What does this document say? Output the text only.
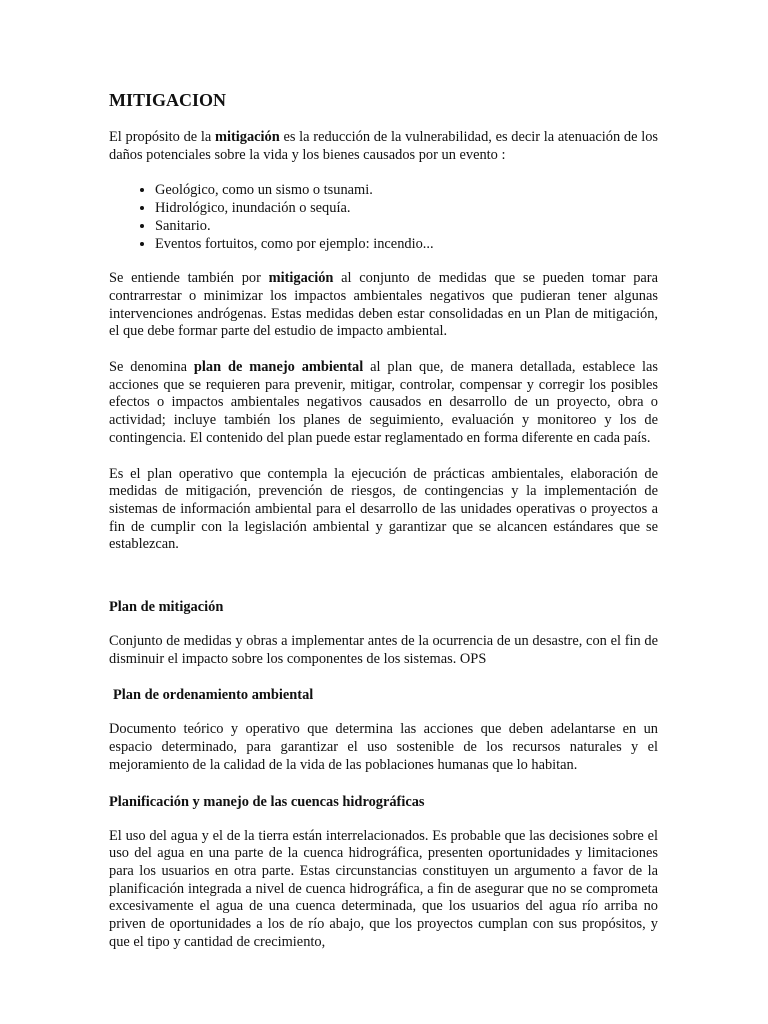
MITIGACION

El propósito de la mitigación es la reducción de la vulnerabilidad, es decir la atenuación de los daños potenciales sobre la vida y los bienes causados por un evento :

• Geológico, como un sismo o tsunami.
• Hidrológico, inundación o sequía.
• Sanitario.
• Eventos fortuitos, como por ejemplo: incendio...

Se entiende también por mitigación al conjunto de medidas que se pueden tomar para contrarrestar o minimizar los impactos ambientales negativos que pudieran tener algunas intervenciones andrógenas. Estas medidas deben estar consolidadas en un Plan de mitigación, el que debe formar parte del estudio de impacto ambiental.

Se denomina plan de manejo ambiental al plan que, de manera detallada, establece las acciones que se requieren para prevenir, mitigar, controlar, compensar y corregir los posibles efectos o impactos ambientales negativos causados en desarrollo de un proyecto, obra o actividad; incluye también los planes de seguimiento, evaluación y monitoreo y los de contingencia. El contenido del plan puede estar reglamentado en forma diferente en cada país.

Es el plan operativo que contempla la ejecución de prácticas ambientales, elaboración de medidas de mitigación, prevención de riesgos, de contingencias y la implementación de sistemas de información ambiental para el desarrollo de las unidades operativas o proyectos a fin de cumplir con la legislación ambiental y garantizar que se alcancen estándares que se establezcan.

Plan de mitigación

Conjunto de medidas y obras a implementar antes de la ocurrencia de un desastre, con el fin de disminuir el impacto sobre los componentes de los sistemas. OPS

Plan de ordenamiento ambiental

Documento teórico y operativo que determina las acciones que deben adelantarse en un espacio determinado, para garantizar el uso sostenible de los recursos naturales y el mejoramiento de la calidad de la vida de las poblaciones humanas que lo habitan.

Planificación y manejo de las cuencas hidrográficas

El uso del agua y el de la tierra están interrelacionados. Es probable que las decisiones sobre el uso del agua en una parte de la cuenca hidrográfica, presenten oportunidades y limitaciones para los usuarios en otra parte. Estas circunstancias constituyen un argumento a favor de la planificación integrada a nivel de cuenca hidrográfica, a fin de asegurar que no se comprometa excesivamente el agua de una cuenca determinada, que los usuarios del agua río arriba no priven de oportunidades a los de río abajo, que los proyectos cumplan con sus propósitos, y que el tipo y cantidad de crecimiento,
